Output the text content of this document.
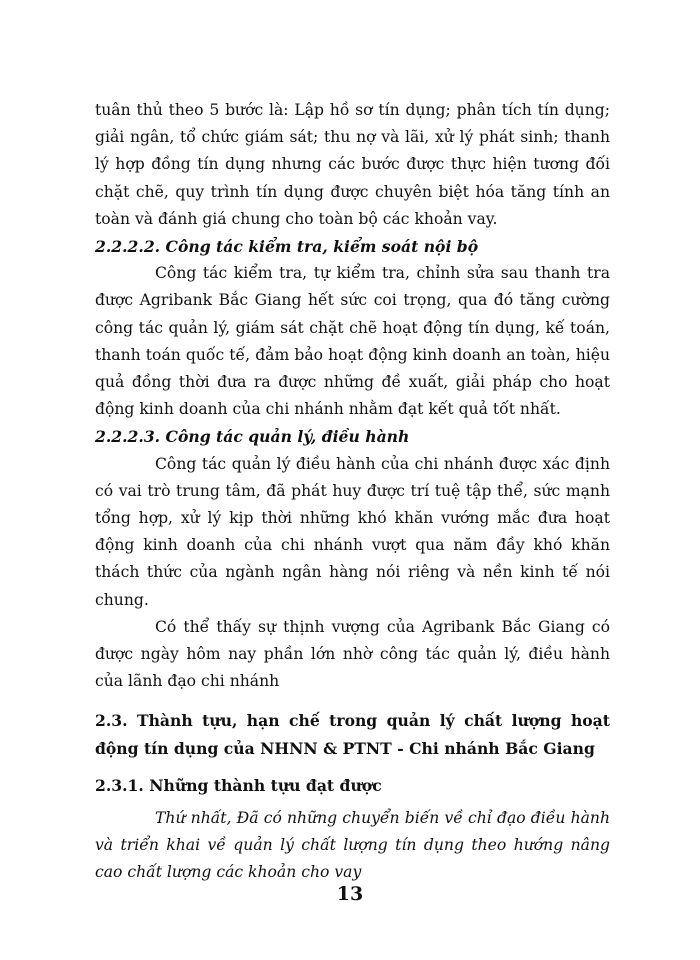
tuân thủ theo 5 bước là: Lập hồ sơ tín dụng; phân tích tín dụng; giải ngân, tổ chức giám sát; thu nợ và lãi, xử lý phát sinh; thanh lý hợp đồng tín dụng nhưng các bước được thực hiện tương đối chặt chẽ, quy trình tín dụng được chuyên biệt hóa tăng tính an toàn và đánh giá chung cho toàn bộ các khoản vay.

2.2.2.2. Công tác kiểm tra, kiểm soát nội bộ

Công tác kiểm tra, tự kiểm tra, chỉnh sửa sau thanh tra được Agribank Bắc Giang hết sức coi trọng, qua đó tăng cường công tác quản lý, giám sát chặt chẽ hoạt động tín dụng, kế toán, thanh toán quốc tế, đảm bảo hoạt động kinh doanh an toàn, hiệu quả đồng thời đưa ra được những đề xuất, giải pháp cho hoạt động kinh doanh của chi nhánh nhằm đạt kết quả tốt nhất.

2.2.2.3. Công tác quản lý, điều hành

Công tác quản lý điều hành của chi nhánh được xác định có vai trò trung tâm, đã phát huy được trí tuệ tập thể, sức mạnh tổng hợp, xử lý kịp thời những khó khăn vướng mắc đưa hoạt động kinh doanh của chi nhánh vượt qua năm đầy khó khăn thách thức của ngành ngân hàng nói riêng và nền kinh tế nói chung.

Có thể thấy sự thịnh vượng của Agribank Bắc Giang có được ngày hôm nay phần lớn nhờ công tác quản lý, điều hành của lãnh đạo chi nhánh

2.3. Thành tựu, hạn chế trong quản lý chất lượng hoạt động tín dụng của NHNN & PTNT - Chi nhánh Bắc Giang

2.3.1. Những thành tựu đạt được

Thứ nhất, Đã có những chuyển biến về chỉ đạo điều hành và triển khai về quản lý chất lượng tín dụng theo hướng nâng cao chất lượng các khoản cho vay

13
